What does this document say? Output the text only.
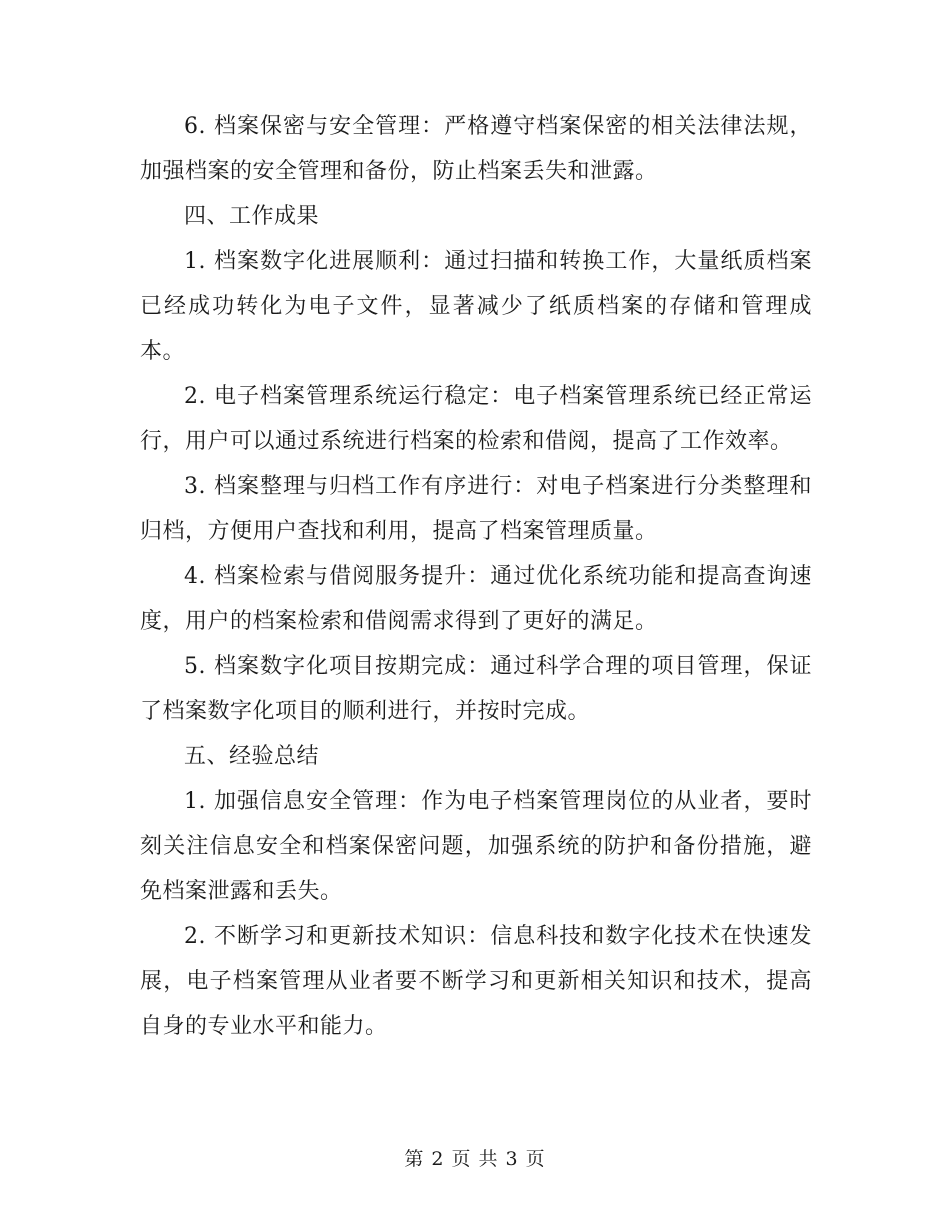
6. 档案保密与安全管理：严格遵守档案保密的相关法律法规，加强档案的安全管理和备份，防止档案丢失和泄露。

四、工作成果

1. 档案数字化进展顺利：通过扫描和转换工作，大量纸质档案已经成功转化为电子文件，显著减少了纸质档案的存储和管理成本。

2. 电子档案管理系统运行稳定：电子档案管理系统已经正常运行，用户可以通过系统进行档案的检索和借阅，提高了工作效率。

3. 档案整理与归档工作有序进行：对电子档案进行分类整理和归档，方便用户查找和利用，提高了档案管理质量。

4. 档案检索与借阅服务提升：通过优化系统功能和提高查询速度，用户的档案检索和借阅需求得到了更好的满足。

5. 档案数字化项目按期完成：通过科学合理的项目管理，保证了档案数字化项目的顺利进行，并按时完成。

五、经验总结

1. 加强信息安全管理：作为电子档案管理岗位的从业者，要时刻关注信息安全和档案保密问题，加强系统的防护和备份措施，避免档案泄露和丢失。

2. 不断学习和更新技术知识：信息科技和数字化技术在快速发展，电子档案管理从业者要不断学习和更新相关知识和技术，提高自身的专业水平和能力。

第 2 页 共 3 页
